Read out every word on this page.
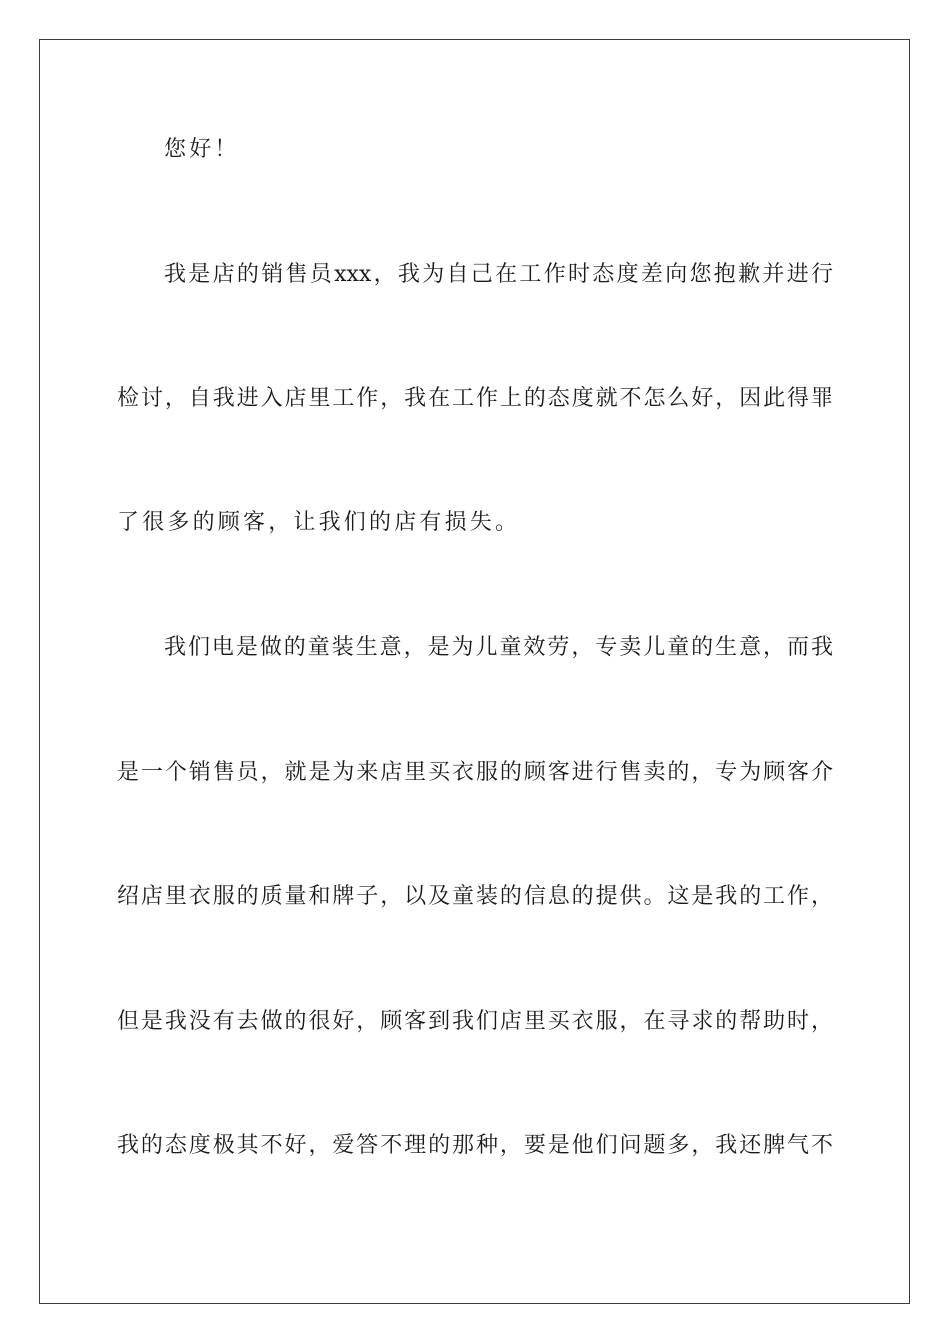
您好！
我是店的销售员xxx，我为自己在工作时态度差向您抱歉并进行
检讨，自我进入店里工作，我在工作上的态度就不怎么好，因此得罪
了很多的顾客，让我们的店有损失。
我们电是做的童装生意，是为儿童效劳，专卖儿童的生意，而我
是一个销售员，就是为来店里买衣服的顾客进行售卖的，专为顾客介
绍店里衣服的质量和牌子，以及童装的信息的提供。这是我的工作，
但是我没有去做的很好，顾客到我们店里买衣服，在寻求的帮助时，
我的态度极其不好，爱答不理的那种，要是他们问题多，我还脾气不
